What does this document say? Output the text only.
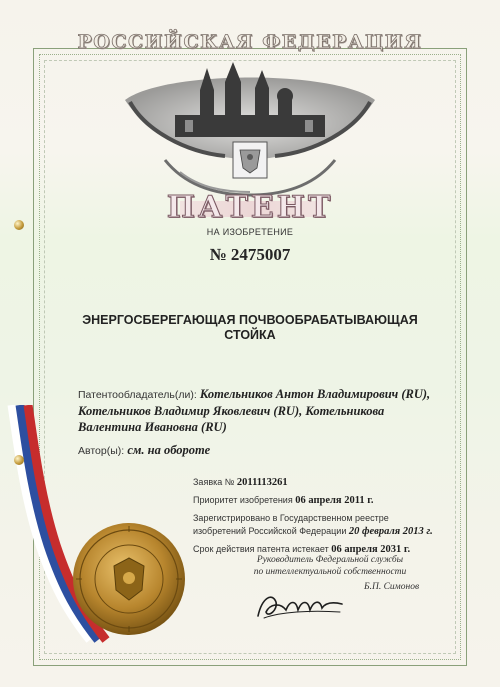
РОССИЙСКАЯ ФЕДЕРАЦИЯ
ПАТЕНТ
НА ИЗОБРЕТЕНИЕ
№ 2475007
ЭНЕРГОСБЕРЕГАЮЩАЯ ПОЧВООБРАБАТЫВАЮЩАЯ
СТОЙКА
Патентообладатель(ли): Котельников Антон Владимирович (RU),
Котельников Владимир Яковлевич (RU), Котельникова
Валентина Ивановна (RU)
Автор(ы): см. на обороте
Заявка № 2011113261
Приоритет изобретения 06 апреля 2011 г.
Зарегистрировано в Государственном реестре
изобретений Российской Федерации 20 февраля 2013 г.
Срок действия патента истекает 06 апреля 2031 г.
Руководитель Федеральной службы
по интеллектуальной собственности
Б.П. Симонов
